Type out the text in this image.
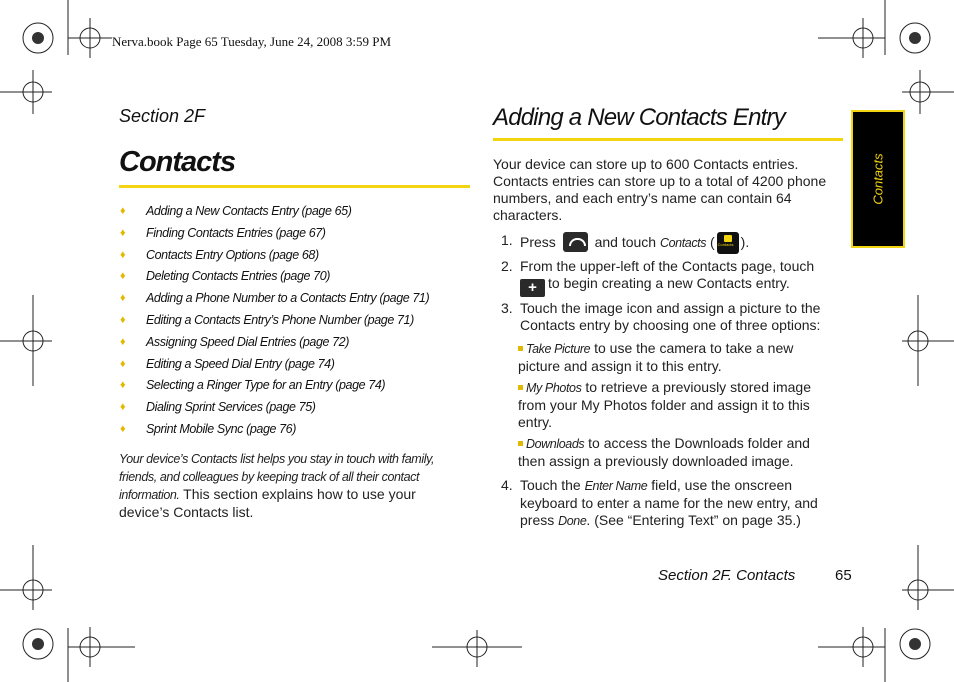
Nerva.book Page 65 Tuesday, June 24, 2008 3:59 PM
Section 2F
Contacts
♦ Adding a New Contacts Entry (page 65)
♦ Finding Contacts Entries (page 67)
♦ Contacts Entry Options (page 68)
♦ Deleting Contacts Entries (page 70)
♦ Adding a Phone Number to a Contacts Entry (page 71)
♦ Editing a Contacts Entry’s Phone Number (page 71)
♦ Assigning Speed Dial Entries (page 72)
♦ Editing a Speed Dial Entry (page 74)
♦ Selecting a Ringer Type for an Entry (page 74)
♦ Dialing Sprint Services (page 75)
♦ Sprint Mobile Sync (page 76)
Your device’s Contacts list helps you stay in touch with family, friends, and colleagues by keeping track of all their contact information. This section explains how to use your device’s Contacts list.
Adding a New Contacts Entry
Your device can store up to 600 Contacts entries. Contacts entries can store up to a total of 4200 phone numbers, and each entry’s name can contain 64 characters.
1. Press	and touch Contacts ( Contacts ).
2. From the upper-left of the Contacts page, touch
+ to begin creating a new Contacts entry.
3. Touch the image icon and assign a picture to the Contacts entry by choosing one of three options:
Take Picture to use the camera to take a new picture and assign it to this entry.
My Photos to retrieve a previously stored image from your My Photos folder and assign it to this entry.
Downloads to access the Downloads folder and then assign a previously downloaded image.
4. Touch the Enter Name field, use the onscreen keyboard to enter a name for the new entry, and press Done. (See “Entering Text” on page 35.)
Contacts
Section 2F. Contacts	65
